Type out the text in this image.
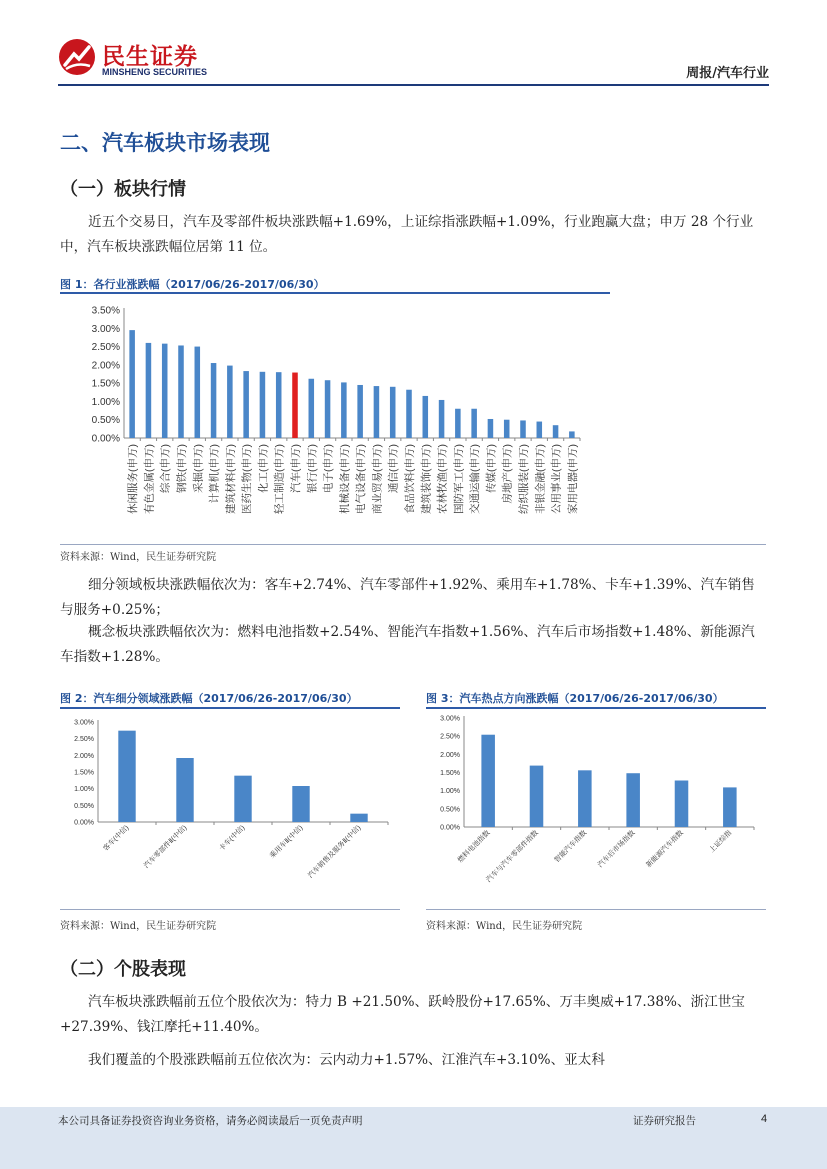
民生证券
MINSHENG SECURITIES	周报/汽车行业
二、汽车板块市场表现
（一）板块行情
近五个交易日，汽车及零部件板块涨跌幅+1.69%，上证综指涨跌幅+1.09%，行业跑赢大盘；申万 28 个行业中，汽车板块涨跌幅位居第 11 位。
图 1：各行业涨跌幅（2017/06/26-2017/06/30）
0.00%
0.50%
1.00%
1.50%
2.00%
2.50%
3.00%
3.50%
休闲服务(申万) 有色金属(申万) 综合(申万) 钢铁(申万) 采掘(申万) 计算机(申万) 建筑材料(申万) 医药生物(申万) 化工(申万) 轻工制造(申万) 汽车(申万) 银行(申万) 电子(申万) 机械设备(申万) 电气设备(申万) 商业贸易(申万) 通信(申万) 食品饮料(申万) 建筑装饰(申万) 农林牧渔(申万) 国防军工(申万) 交通运输(申万) 传媒(申万) 房地产(申万) 纺织服装(申万) 非银金融(申万) 公用事业(申万) 家用电器(申万)
资料来源：Wind，民生证券研究院
细分领域板块涨跌幅依次为：客车+2.74%、汽车零部件+1.92%、乘用车+1.78%、卡车+1.39%、汽车销售与服务+0.25%；
概念板块涨跌幅依次为：燃料电池指数+2.54%、智能汽车指数+1.56%、汽车后市场指数+1.48%、新能源汽车指数+1.28%。
图 2：汽车细分领域涨跌幅（2017/06/26-2017/06/30）
0.00%
0.50%
1.00%
1.50%
2.00%
2.50%
3.00%
客车(中信) 汽车零部件Ⅱ(中信)	卡车(中信)	乘用车Ⅱ(中信) 汽车销售及服务Ⅱ(中信)
资料来源：Wind，民生证券研究院
图 3：汽车热点方向涨跌幅（2017/06/26-2017/06/30）
0.00%
0.50%
1.00%
1.50%
2.00%
2.50%
3.00%
燃料电池指数
汽车与汽车零部件指数 智能汽车指数 汽车后市场指数 新能源汽车指数	上证综指
资料来源：Wind，民生证券研究院
（二）个股表现
汽车板块涨跌幅前五位个股依次为：特力 B +21.50%、跃岭股份+17.65%、万丰奥威+17.38%、浙江世宝+27.39%、钱江摩托+11.40%。
我们覆盖的个股涨跌幅前五位依次为：云内动力+1.57%、江淮汽车+3.10%、亚太科
本公司具备证券投资咨询业务资格，请务必阅读最后一页免责声明	证券研究报告	4
